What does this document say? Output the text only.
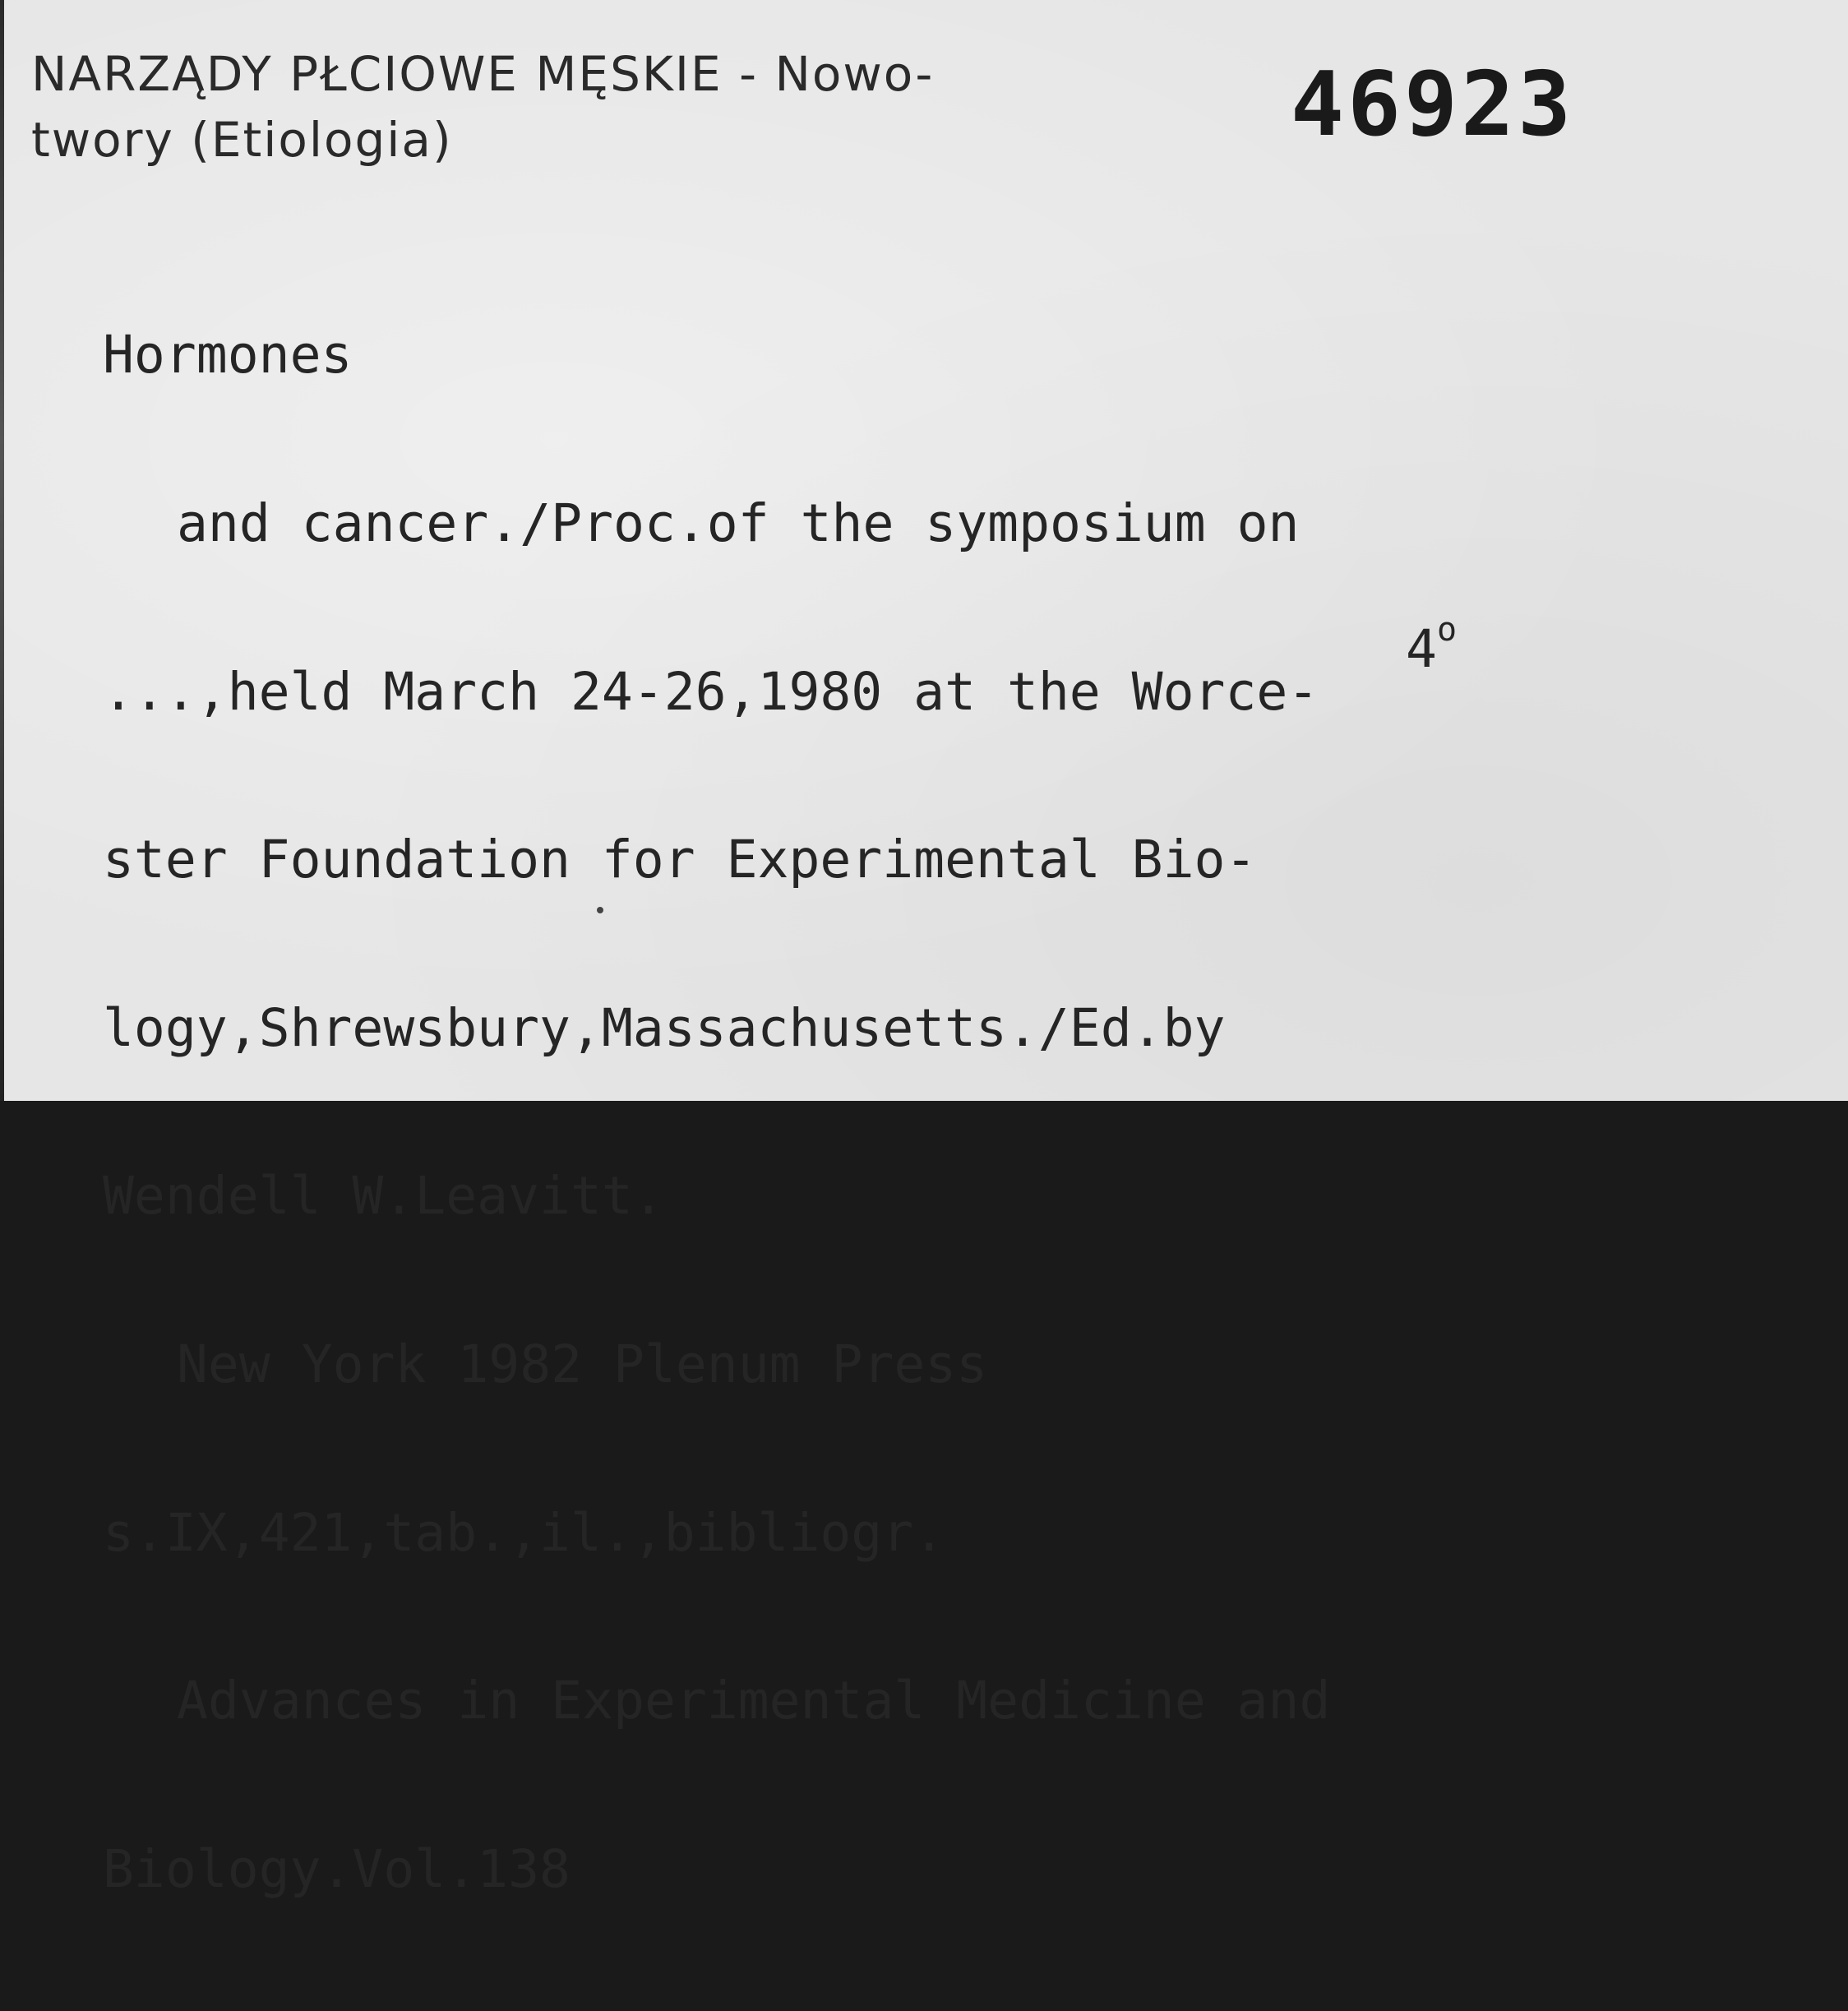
NARZĄDY PŁCIOWE MĘSKIE - Nowo-
twory (Etiologia)	46923

Hormones

and cancer./Proc.of the symposium on

...,held March 24-26,1980 at the Worce-

ster Foundation for Experimental Bio-

logy,Shrewsbury,Massachusetts./Ed.by

Wendell W.Leavitt.

New York 1982 Plenum Press

s.IX,421,tab.,il.,bibliogr.

Advances in Experimental Medicine and

Biology.Vol.138

4$^o$
